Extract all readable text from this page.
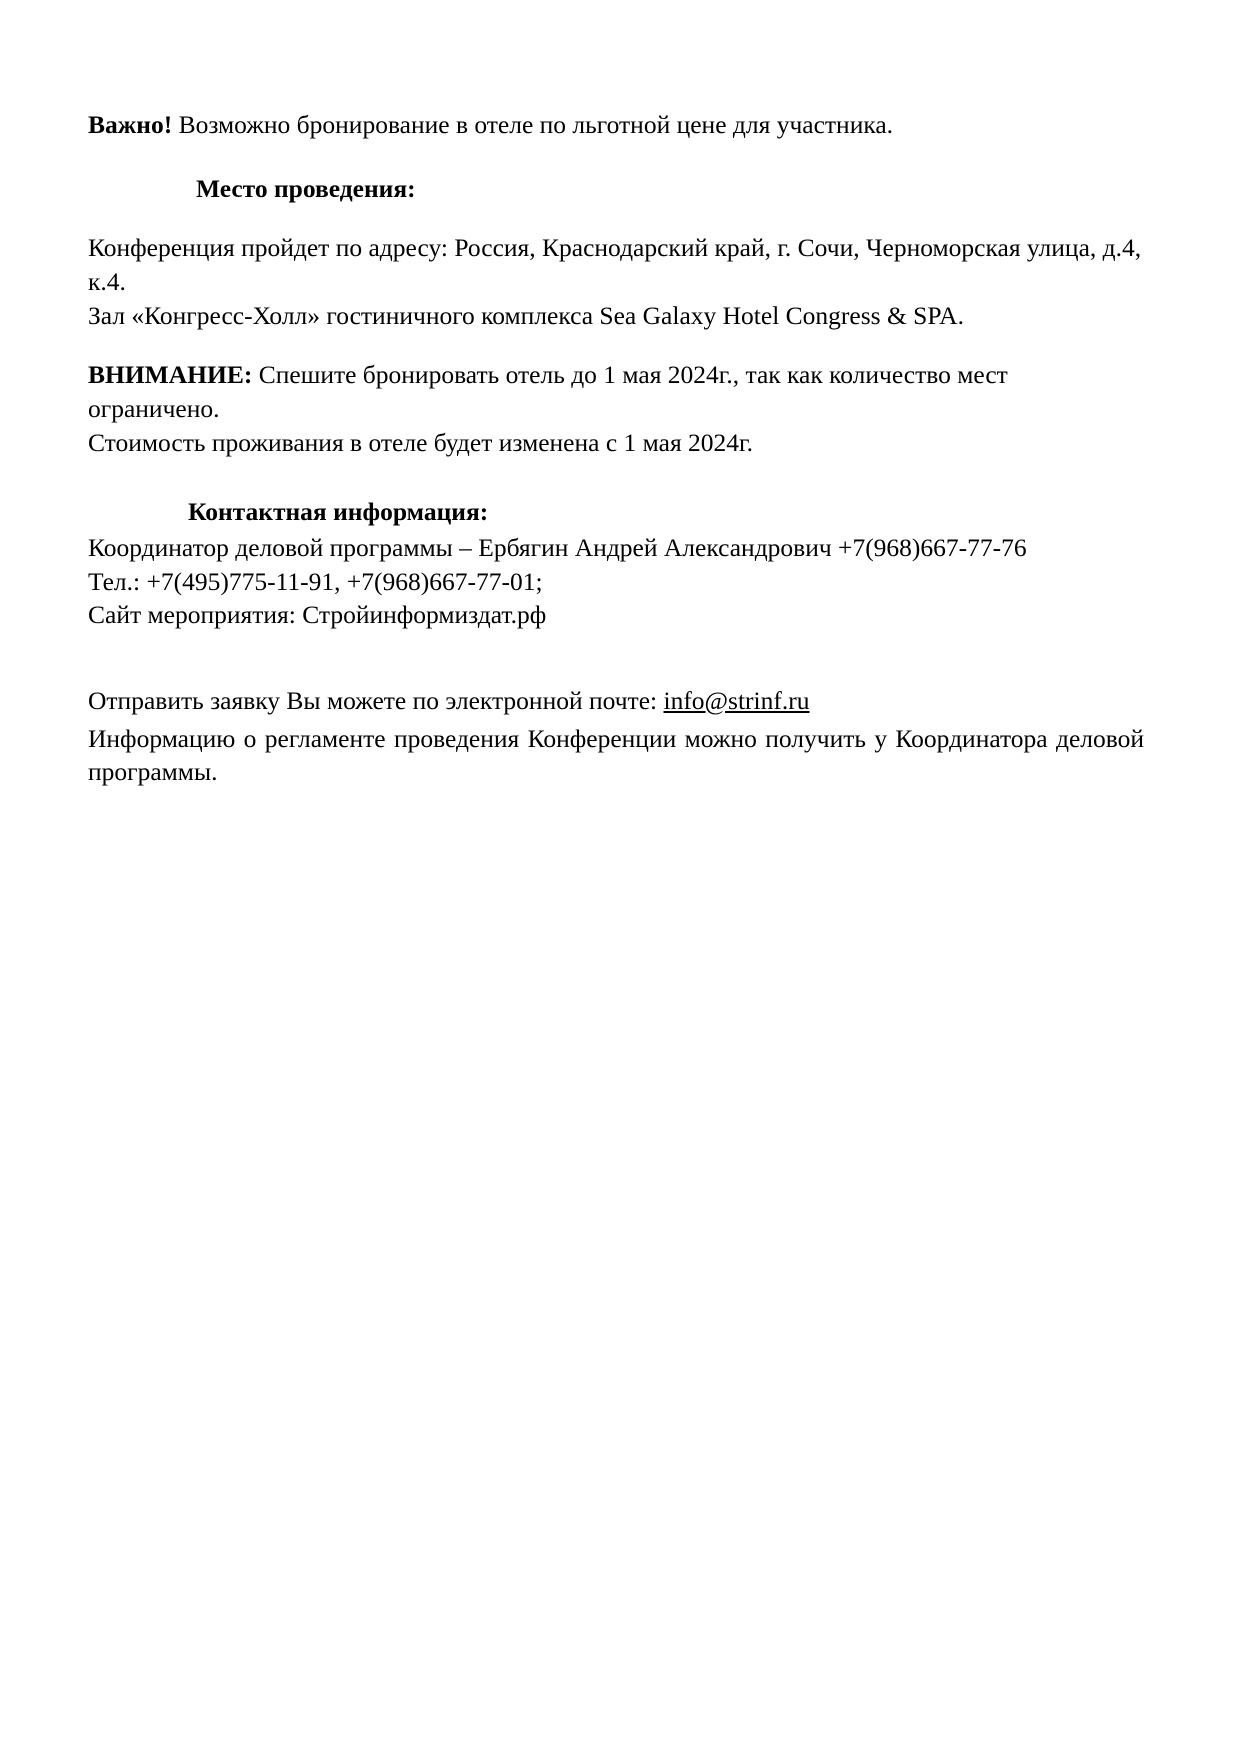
Важно! Возможно бронирование в отеле по льготной цене для участника.

Место проведения:

Конференция пройдет по адресу: Россия, Краснодарский край, г. Сочи, Черноморская улица, д.4, к.4.

Зал «Конгресс-Холл» гостиничного комплекса Sea Galaxy Hotel Congress & SPA.

ВНИМАНИЕ: Спешите бронировать отель до 1 мая 2024г., так как количество мест ограничено.

Стоимость проживания в отеле будет изменена с 1 мая 2024г.

Контактная информация:

Координатор деловой программы – Ербягин Андрей Александрович +7(968)667-77-76

Тел.: +7(495)775-11-91, +7(968)667-77-01;

Сайт мероприятия: Стройинформиздат.рф

Отправить заявку Вы можете по электронной почте: info@strinf.ru

Информацию о регламенте проведения Конференции можно получить у Координатора деловой программы.
